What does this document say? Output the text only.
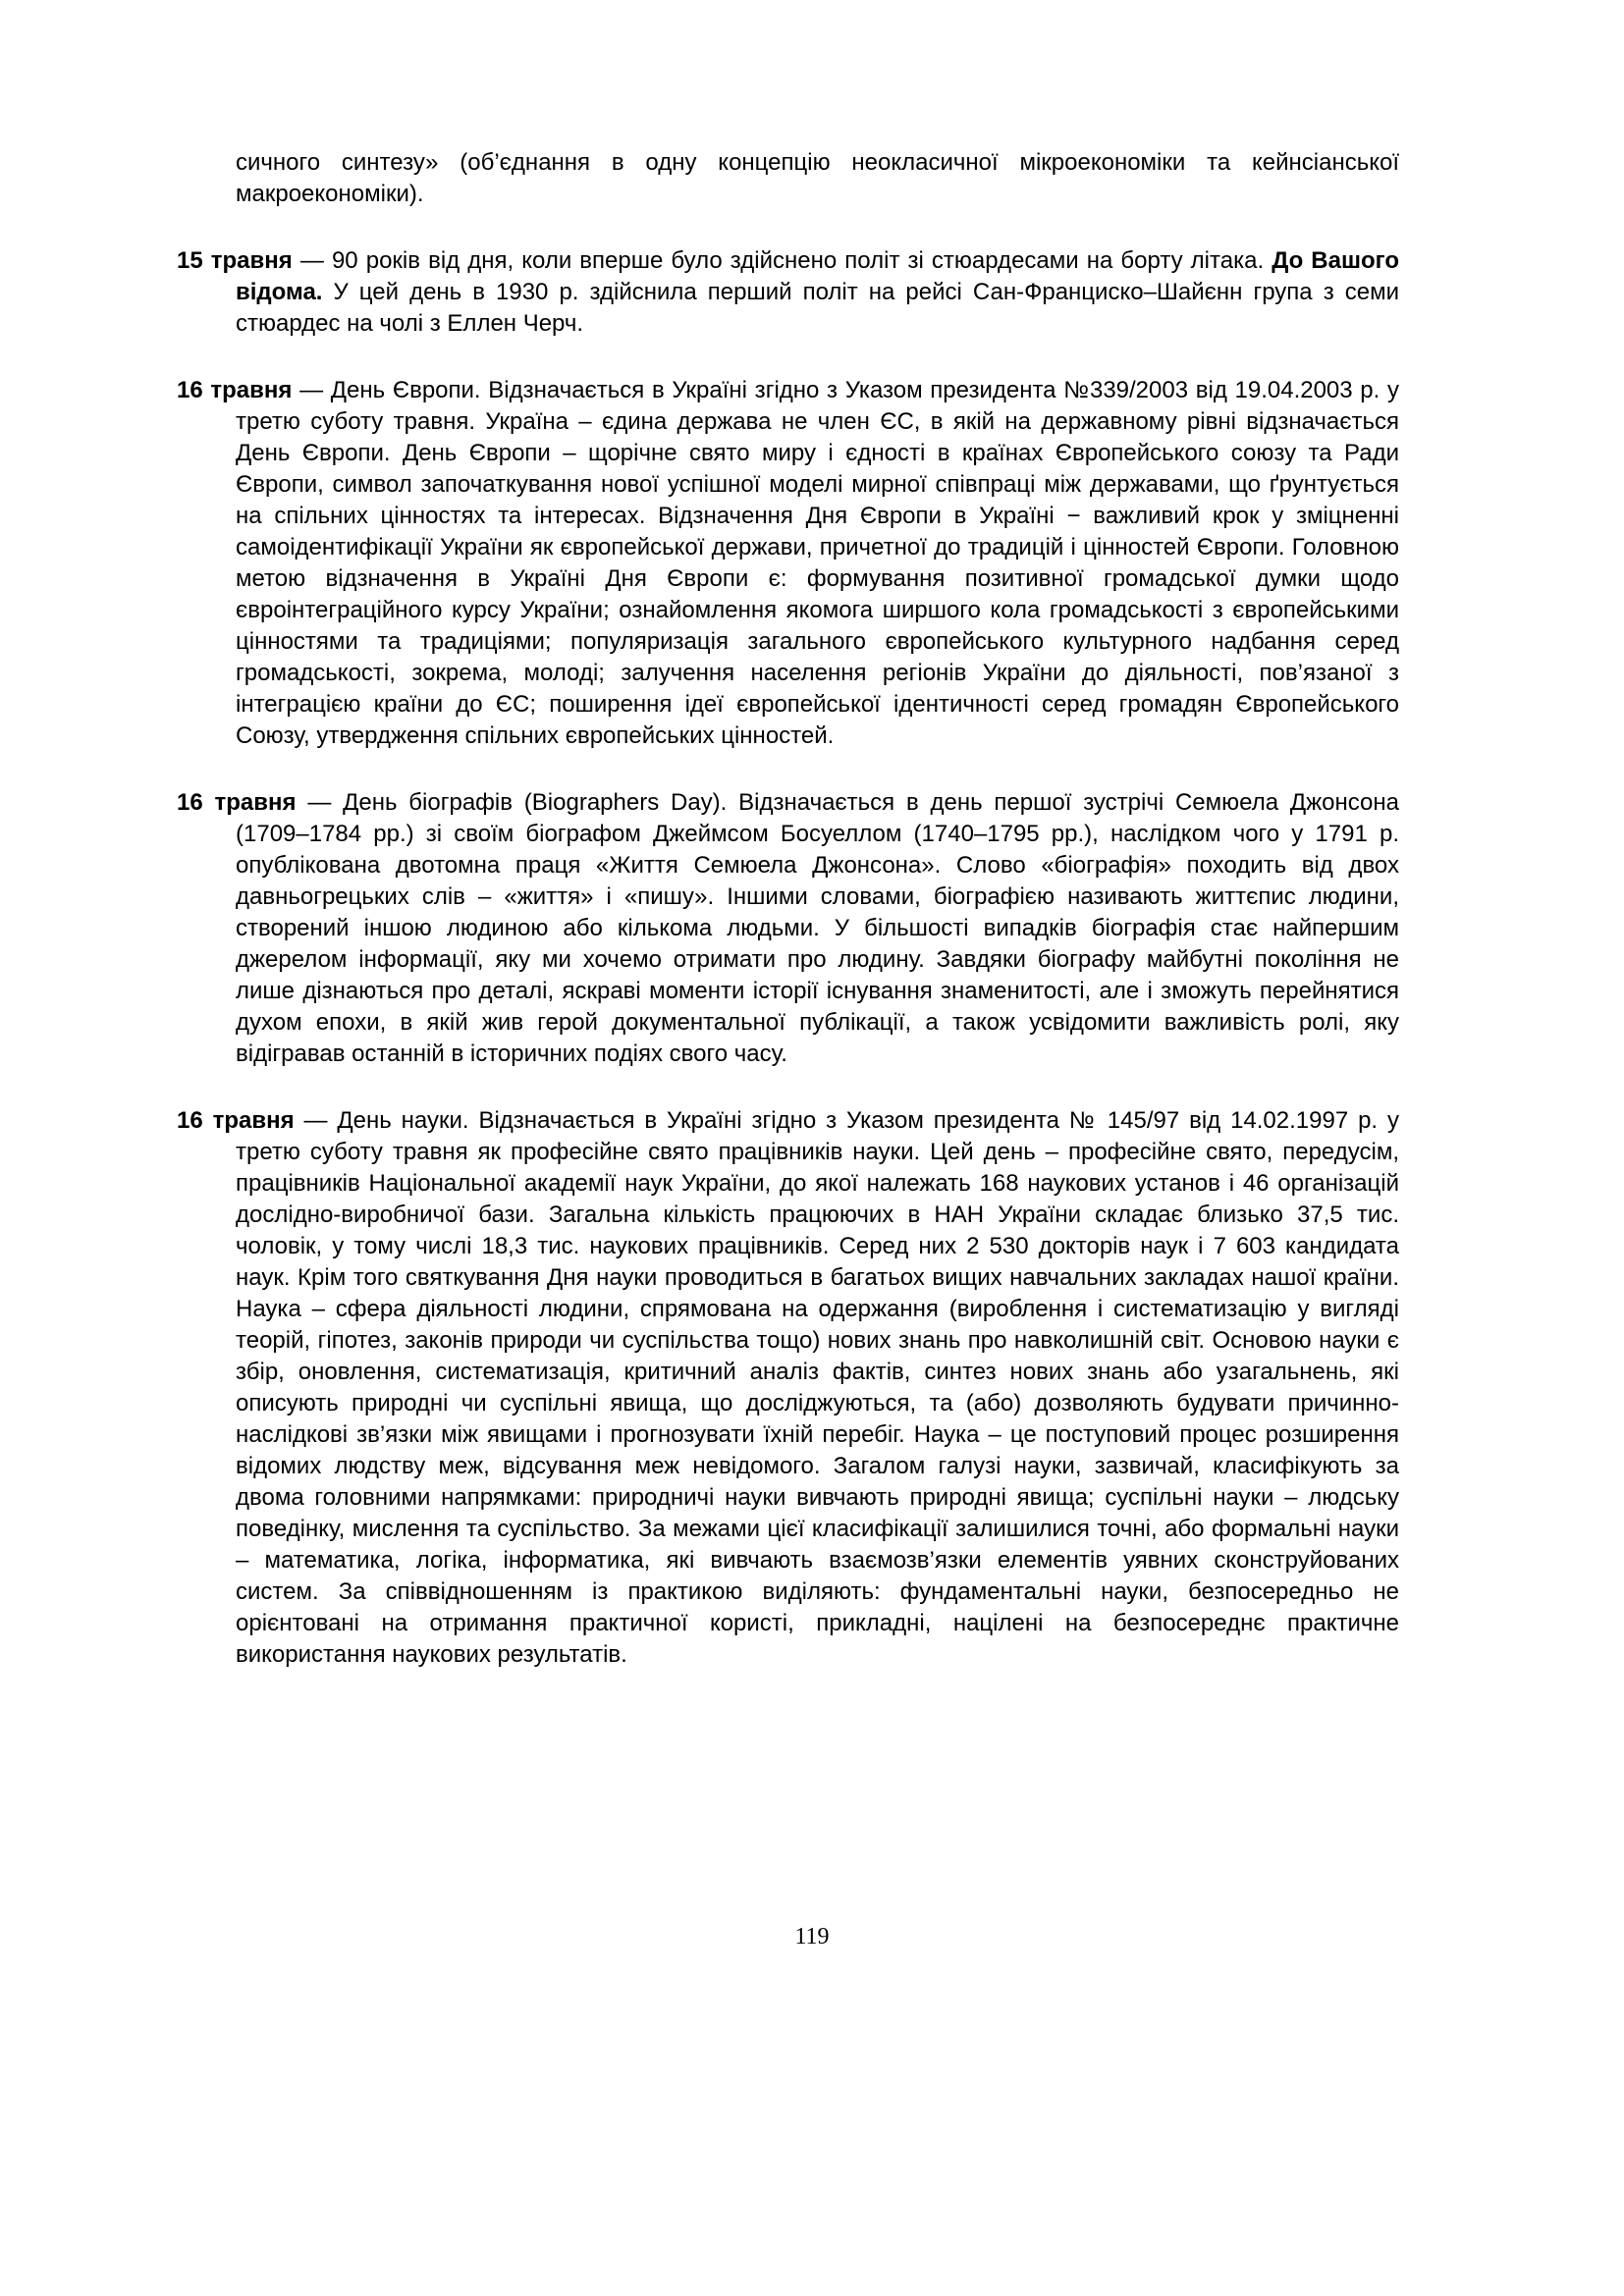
сичного синтезу» (об’єднання в одну концепцію неокласичної мікроекономіки та кейнсіанської макроекономіки).

15 травня — 90 років від дня, коли вперше було здійснено політ зі стюардесами на борту літака. До Вашого відома. У цей день в 1930 р. здійснила перший політ на рейсі Сан-Франциско–Шайєнн група з семи стюардес на чолі з Еллен Черч.

16 травня — День Європи. Відзначається в Україні згідно з Указом президента №339/2003 від 19.04.2003 р. у третю суботу травня. Україна – єдина держава не член ЄС, в якій на державному рівні відзначається День Європи. День Європи – щорічне свято миру і єдності в країнах Європейського союзу та Ради Європи, символ започаткування нової успішної моделі мирної співпраці між державами, що ґрунтується на спільних цінностях та інтересах. Відзначення Дня Європи в Україні − важливий крок у зміцненні самоідентифікації України як європейської держави, причетної до традицій і цінностей Європи. Головною метою відзначення в Україні Дня Європи є: формування позитивної громадської думки щодо євроінтеграційного курсу України; ознайомлення якомога ширшого кола громадськості з європейськими цінностями та традиціями; популяризація загального європейського культурного надбання серед громадськості, зокрема, молоді; залучення населення регіонів України до діяльності, пов’язаної з інтеграцією країни до ЄС; поширення ідеї європейської ідентичності серед громадян Європейського Союзу, утвердження спільних європейських цінностей.

16 травня — День біографів (Biographers Day). Відзначається в день першої зустрічі Семюела Джонсона (1709–1784 рр.) зі своїм біографом Джеймсом Босуеллом (1740–1795 рр.), наслідком чого у 1791 р. опублікована двотомна праця «Життя Семюела Джонсона». Слово «біографія» походить від двох давньогрецьких слів – «життя» і «пишу». Іншими словами, біографією називають життєпис людини, створений іншою людиною або кількома людьми. У більшості випадків біографія стає найпершим джерелом інформації, яку ми хочемо отримати про людину. Завдяки біографу майбутні покоління не лише дізнаються про деталі, яскраві моменти історії існування знаменитості, але і зможуть перейнятися духом епохи, в якій жив герой документальної публікації, а також усвідомити важливість ролі, яку відігравав останній в історичних подіях свого часу.

16 травня — День науки. Відзначається в Україні згідно з Указом президента № 145/97 від 14.02.1997 р. у третю суботу травня як професійне свято працівників науки. Цей день – професійне свято, передусім, працівників Національної академії наук України, до якої належать 168 наукових установ і 46 організацій дослідно-виробничої бази. Загальна кількість працюючих в НАН України складає близько 37,5 тис. чоловік, у тому числі 18,3 тис. наукових працівників. Серед них 2 530 докторів наук і 7 603 кандидата наук. Крім того святкування Дня науки проводиться в багатьох вищих навчальних закладах нашої країни. Наука – сфера діяльності людини, спрямована на одержання (вироблення і систематизацію у вигляді теорій, гіпотез, законів природи чи суспільства тощо) нових знань про навколишній світ. Основою науки є збір, оновлення, систематизація, критичний аналіз фактів, синтез нових знань або узагальнень, які описують природні чи суспільні явища, що досліджуються, та (або) дозволяють будувати причинно-наслідкові зв’язки між явищами і прогнозувати їхній перебіг. Наука – це поступовий процес розширення відомих людству меж, відсування меж невідомого. Загалом галузі науки, зазвичай, класифікують за двома головними напрямками: природничі науки вивчають природні явища; суспільні науки – людську поведінку, мислення та суспільство. За межами цієї класифікації залишилися точні, або формальні науки – математика, логіка, інформатика, які вивчають взаємозв’язки елементів уявних сконструйованих систем. За співвідношенням із практикою виділяють: фундаментальні науки, безпосередньо не орієнтовані на отримання практичної користі, прикладні, націлені на безпосереднє практичне використання наукових результатів.

119
